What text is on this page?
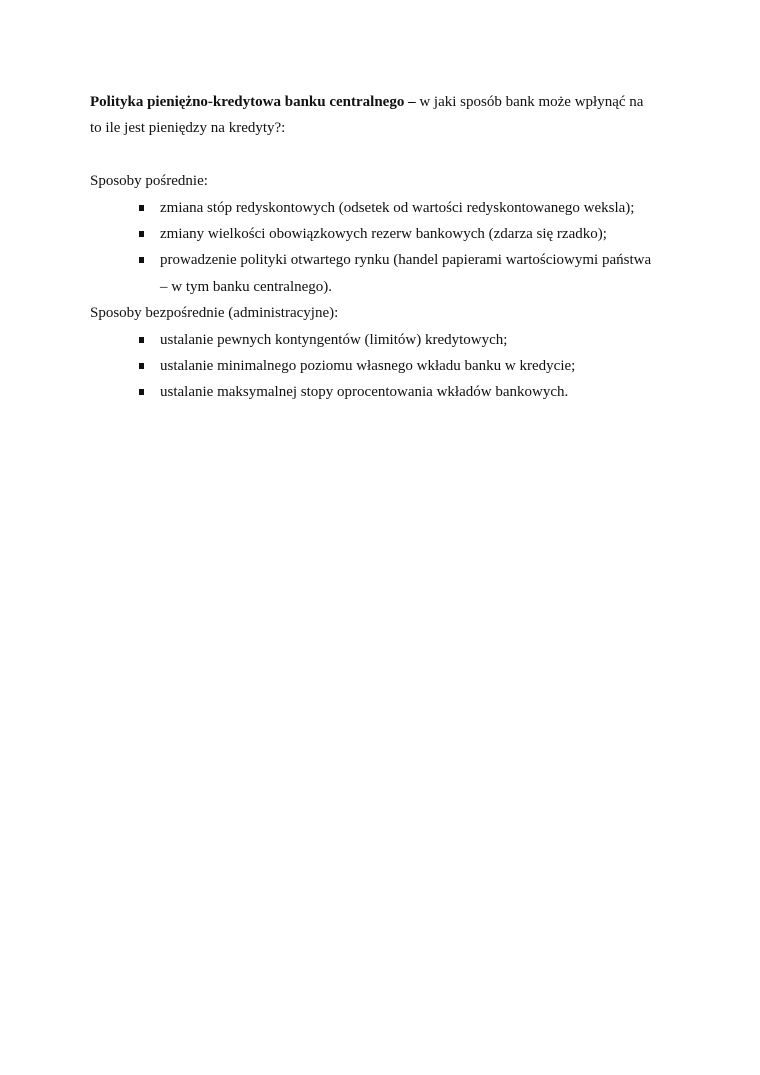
Polityka pieniężno-kredytowa banku centralnego – w jaki sposób bank może wpłynąć na
to ile jest pieniędzy na kredyty?:
Sposoby pośrednie:
zmiana stóp redyskontowych (odsetek od wartości redyskontowanego weksla);
zmiany wielkości obowiązkowych rezerw bankowych (zdarza się rzadko);
prowadzenie polityki otwartego rynku (handel papierami wartościowymi państwa
– w tym banku centralnego).
Sposoby bezpośrednie (administracyjne):
ustalanie pewnych kontyngentów (limitów) kredytowych;
ustalanie minimalnego poziomu własnego wkładu banku w kredycie;
ustalanie maksymalnej stopy oprocentowania wkładów bankowych.
